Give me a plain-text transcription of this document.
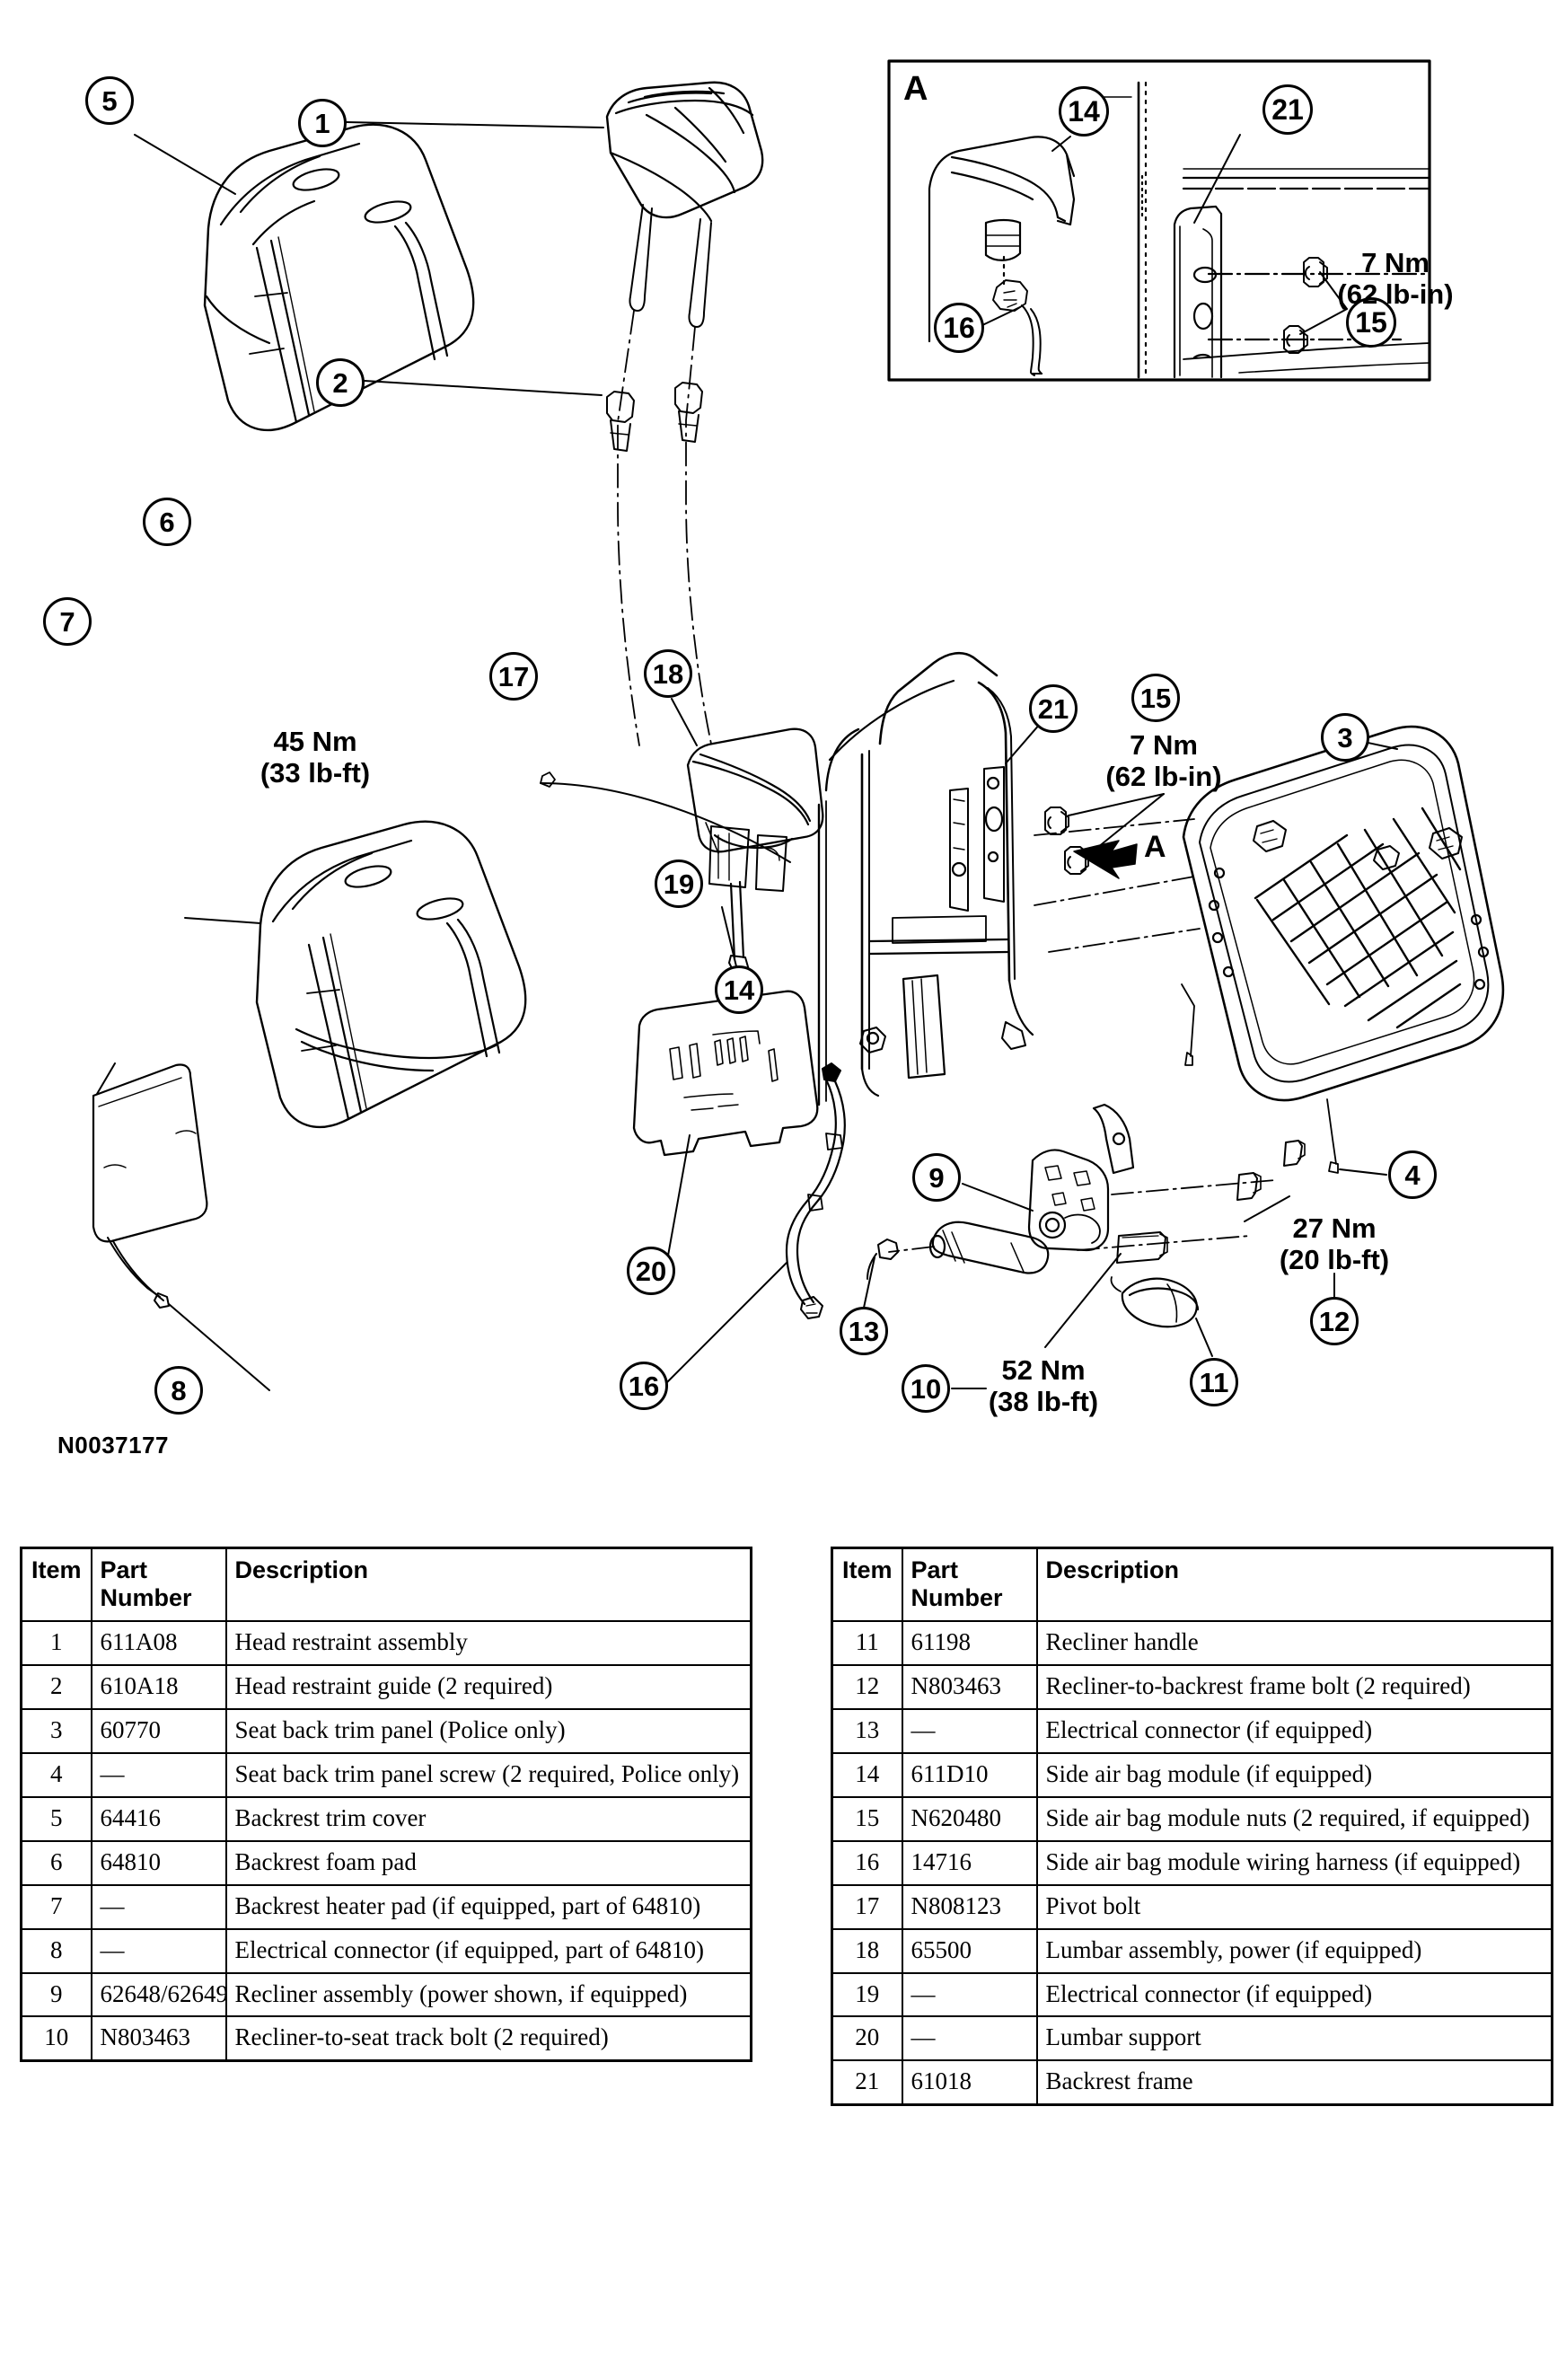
A
A
1
2
3
4
5
6
7
8
9
10	11
12
13
14
15
16
17	18
19
20
21
14	21
16	15
45 Nm
(33 lb-ft)
7 Nm
(62 lb-in)
27 Nm
(20 lb-ft)
52 Nm
(38 lb-ft)
7 Nm
(62 lb-in)
N0037177
Item	Part Number	Description
1	611A08	Head restraint assembly
2	610A18	Head restraint guide (2 required)
3	60770	Seat back trim panel (Police only)
4	—	Seat back trim panel screw (2 required, Police only)
5	64416	Backrest trim cover
6	64810	Backrest foam pad
7	—	Backrest heater pad (if equipped, part of 64810)
8	—	Electrical connector (if equipped, part of 64810)
9	62648/62649	Recliner assembly (power shown, if equipped)
10	N803463	Recliner-to-seat track bolt (2 required)
Item	Part Number	Description
11	61198	Recliner handle
12	N803463	Recliner-to-backrest frame bolt (2 required)
13	—	Electrical connector (if equipped)
14	611D10	Side air bag module (if equipped)
15	N620480	Side air bag module nuts (2 required, if equipped)
16	14716	Side air bag module wiring harness (if equipped)
17	N808123	Pivot bolt
18	65500	Lumbar assembly, power (if equipped)
19	—	Electrical connector (if equipped)
20	—	Lumbar support
21	61018	Backrest frame
